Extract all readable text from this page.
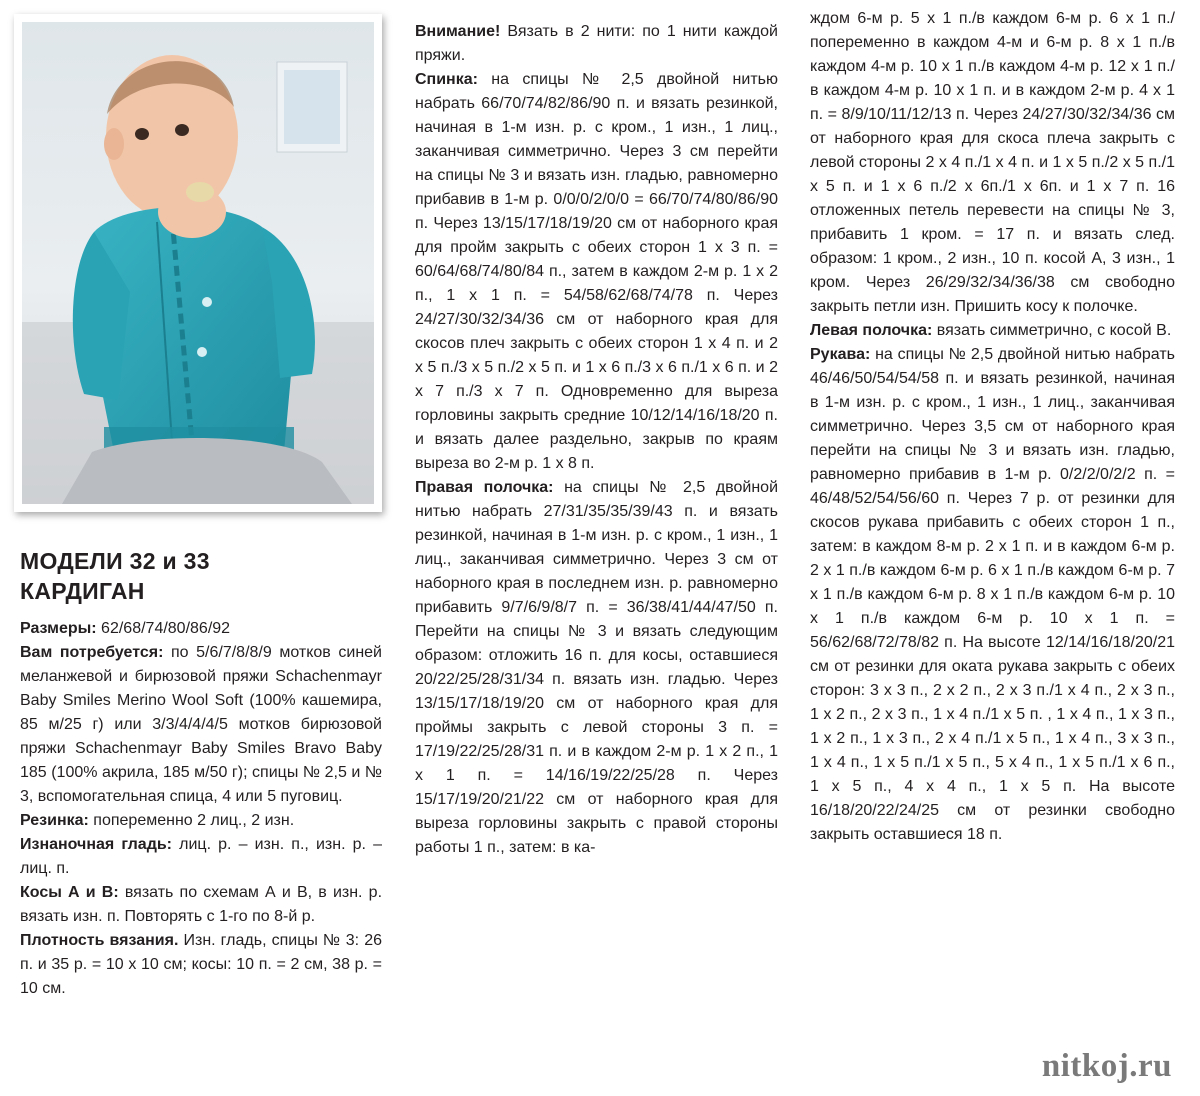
МОДЕЛИ 32 и 33
КАРДИГАН

Размеры: 62/68/74/80/86/92

Вам потребуется: по 5/6/7/8/8/9 мотков синей меланжевой и бирюзовой пряжи Schachenmayr Baby Smiles Merino Wool Soft (100% кашемира, 85 м/25 г) или 3/3/4/4/4/5 мотков бирюзовой пряжи Schachenmayr Baby Smiles Bravo Baby 185 (100% акрила, 185 м/50 г); спицы № 2,5 и № 3, вспомогательная спица, 4 или 5 пуговиц.

Резинка: попеременно 2 лиц., 2 изн.

Изнаночная гладь: лиц. р. – изн. п., изн. р. – лиц. п.

Косы А и В: вязать по схемам А и В, в изн. р. вязать изн. п. Повторять с 1-го по 8-й р.

Плотность вязания. Изн. гладь, спицы № 3: 26 п. и 35 р. = 10 х 10 см; косы: 10 п. = 2 см, 38 р. = 10 см.

Внимание! Вязать в 2 нити: по 1 нити каждой пряжи.

Спинка: на спицы № 2,5 двойной нитью набрать 66/70/74/82/86/90 п. и вязать резинкой, начиная в 1-м изн. р. с кром., 1 изн., 1 лиц., заканчивая симметрично. Через 3 см перейти на спицы № 3 и вязать изн. гладью, равномерно прибавив в 1-м р. 0/0/0/2/0/0 = 66/70/74/80/86/90 п. Через 13/15/17/18/19/20 см от наборного края для пройм закрыть с обеих сторон 1 х 3 п. = 60/64/68/74/80/84 п., затем в каждом 2-м р. 1 х 2 п., 1 х 1 п. = 54/58/62/68/74/78 п. Через 24/27/30/32/34/36 см от наборного края для скосов плеч закрыть с обеих сторон 1 х 4 п. и 2 х 5 п./3 х 5 п./2 х 5 п. и 1 х 6 п./3 х 6 п./1 х 6 п. и 2 х 7 п./3 х 7 п. Одновременно для выреза горловины закрыть средние 10/12/14/16/18/20 п. и вязать далее раздельно, закрыв по краям выреза во 2-м р. 1 х 8 п.

Правая полочка: на спицы № 2,5 двойной нитью набрать 27/31/35/35/39/43 п. и вязать резинкой, начиная в 1-м изн. р. с кром., 1 изн., 1 лиц., заканчивая симметрично. Через 3 см от наборного края в последнем изн. р. равномерно прибавить 9/7/6/9/8/7 п. = 36/38/41/44/47/50 п. Перейти на спицы № 3 и вязать следующим образом: отложить 16 п. для косы, оставшиеся 20/22/25/28/31/34 п. вязать изн. гладью. Через 13/15/17/18/19/20 см от наборного края для проймы закрыть с левой стороны 3 п. = 17/19/22/25/28/31 п. и в каждом 2-м р. 1 х 2 п., 1 х 1 п. = 14/16/19/22/25/28 п. Через 15/17/19/20/21/22 см от наборного края для выреза горловины закрыть с правой стороны работы 1 п., затем: в ка-

ждом 6-м р. 5 х 1 п./в каждом 6-м р. 6 х 1 п./попеременно в каждом 4-м и 6-м р. 8 х 1 п./в каждом 4-м р. 10 х 1 п./в каждом 4-м р. 12 х 1 п./в каждом 4-м р. 10 х 1 п. и в каждом 2-м р. 4 х 1 п. = 8/9/10/11/12/13 п. Через 24/27/30/32/34/36 см от наборного края для скоса плеча закрыть с левой стороны 2 х 4 п./1 х 4 п. и 1 х 5 п./2 х 5 п./1 х 5 п. и 1 х 6 п./2 х 6п./1 х 6п. и 1 х 7 п. 16 отложенных петель перевести на спицы № 3, прибавить 1 кром. = 17 п. и вязать след. образом: 1 кром., 2 изн., 10 п. косой А, 3 изн., 1 кром. Через 26/29/32/34/36/38 см свободно закрыть петли изн. Пришить косу к полочке.

Левая полочка: вязать симметрично, с косой В.

Рукава: на спицы № 2,5 двойной нитью набрать 46/46/50/54/54/58 п. и вязать резинкой, начиная в 1-м изн. р. с кром., 1 изн., 1 лиц., заканчивая симметрично. Через 3,5 см от наборного края перейти на спицы № 3 и вязать изн. гладью, равномерно прибавив в 1-м р. 0/2/2/0/2/2 п. = 46/48/52/54/56/60 п. Через 7 р. от резинки для скосов рукава прибавить с обеих сторон 1 п., затем: в каждом 8-м р. 2 х 1 п. и в каждом 6-м р. 2 х 1 п./в каждом 6-м р. 6 х 1 п./в каждом 6-м р. 7 х 1 п./в каждом 6-м р. 8 х 1 п./в каждом 6-м р. 10 х 1 п./в каждом 6-м р. 10 х 1 п. = 56/62/68/72/78/82 п. На высоте 12/14/16/18/20/21 см от резинки для оката рукава закрыть с обеих сторон: 3 х 3 п., 2 х 2 п., 2 х 3 п./1 х 4 п., 2 х 3 п., 1 х 2 п., 2 х 3 п., 1 х 4 п./1 х 5 п. , 1 х 4 п., 1 х 3 п., 1 х 2 п., 1 х 3 п., 2 х 4 п./1 х 5 п., 1 х 4 п., 3 х 3 п., 1 х 4 п., 1 х 5 п./1 х 5 п., 5 х 4 п., 1 х 5 п./1 х 6 п., 1 х 5 п., 4 х 4 п., 1 х 5 п. На высоте 16/18/20/22/24/25 см от резинки свободно закрыть оставшиеся 18 п.

nitkoj.ru
